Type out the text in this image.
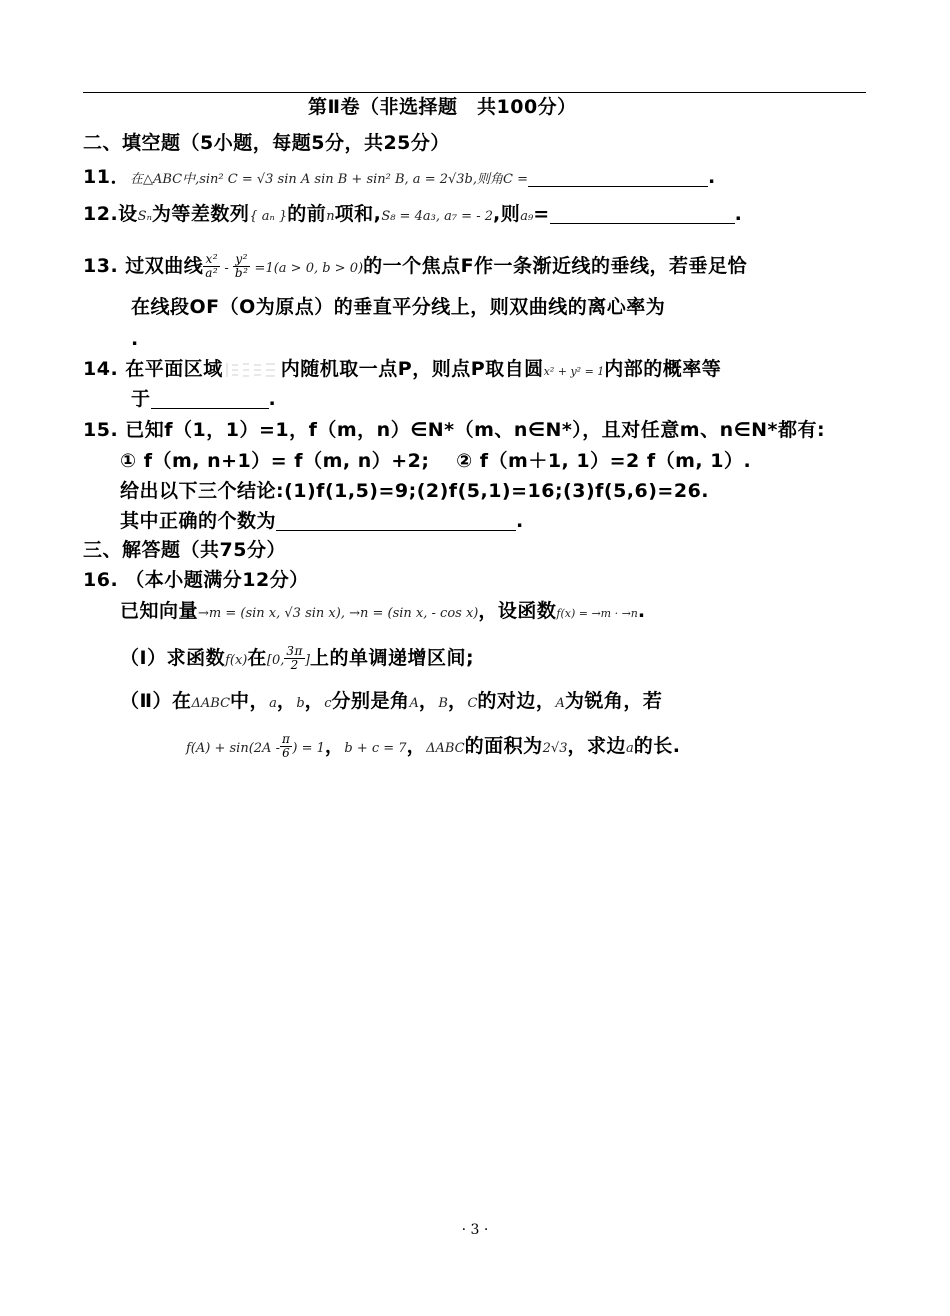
第Ⅱ卷（非选择题　共100分）
二、填空题（5小题，每题5分，共25分）
11．在△ABC中,sin² C = √3 sin A sin B + sin² B, a = 2√3b,则角C =	.
12.设Sₙ为等差数列{ aₙ }的前n项和,S₈ = 4a₃, a₇ = - 2,则a₉=	.
13. 过双曲线 $\frac{\text{x²}}{\text{a²}} - \frac{\text{y²}}{\text{b²}} =1(a > 0$, b > 0)的一个焦点F作一条渐近线的垂线，若垂足恰
在线段OF（O为原点）的垂直平分线上，则双曲线的离心率为
.
14. 在平面区域	内随机取一点P，则点P取自圆x² + y² = 1内部的概率等
于	.
15. 已知f（1，1）=1，f（m，n）∈N*（m、n∈N*），且对任意m、n∈N*都有:
① f（m, n+1）= f（m, n）+2;　 ② f（m＋1, 1）=2 f（m, 1）.
给出以下三个结论:(1)f(1,5)=9;(2)f(5,1)=16;(3)f(5,6)=26.
其中正确的个数为	.
三、解答题（共75分）
16. （本小题满分12分）
已知向量→m = (sin x, √3 sin x), →n = (sin x, - cos x)，设函数f(x) = →m · →n.
（Ⅰ）求函数f(x)在[0, $\frac{3\pi}{2}$ ]上的单调递增区间;
（Ⅱ）在ΔABC中，a，b，c分别是角A，B，C的对边，A为锐角，若
$f(A) + \sin(2A - \frac{\pi}{6}$ ) = 1，b + c = 7，ΔABC的面积为2√3，求边a的长.
· 3 ·
